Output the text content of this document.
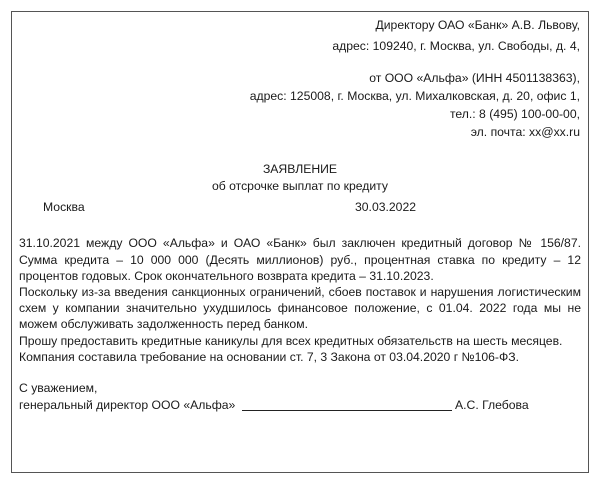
Директору ОАО «Банк» А.В. Львову,
адрес: 109240, г. Москва, ул. Свободы, д. 4,
от ООО «Альфа» (ИНН 4501138363),
адрес: 125008, г. Москва, ул. Михалковская, д. 20, офис 1,
тел.: 8 (495) 100-00-00,
эл. почта: xx@xx.ru
ЗАЯВЛЕНИЕ
об отсрочке выплат по кредиту
Москва	30.03.2022
31.10.2021 между ООО «Альфа» и ОАО «Банк» был заключен кредитный договор № 156/87.
Сумма кредита – 10 000 000 (Десять миллионов) руб., процентная ставка по кредиту – 12
процентов годовых. Срок окончательного возврата кредита – 31.10.2023.
Поскольку из-за введения санкционных ограничений, сбоев поставок и нарушения логистическим
схем у компании значительно ухудшилось финансовое положение, с 01.04. 2022 года мы не
можем обслуживать задолженность перед банком.
Прошу предоставить кредитные каникулы для всех кредитных обязательств на шесть месяцев.
Компания составила требование на основании ст. 7, 3 Закона от 03.04.2020 г №106-ФЗ.
С уважением,
генеральный директор ООО «Альфа»	А.С. Глебова
